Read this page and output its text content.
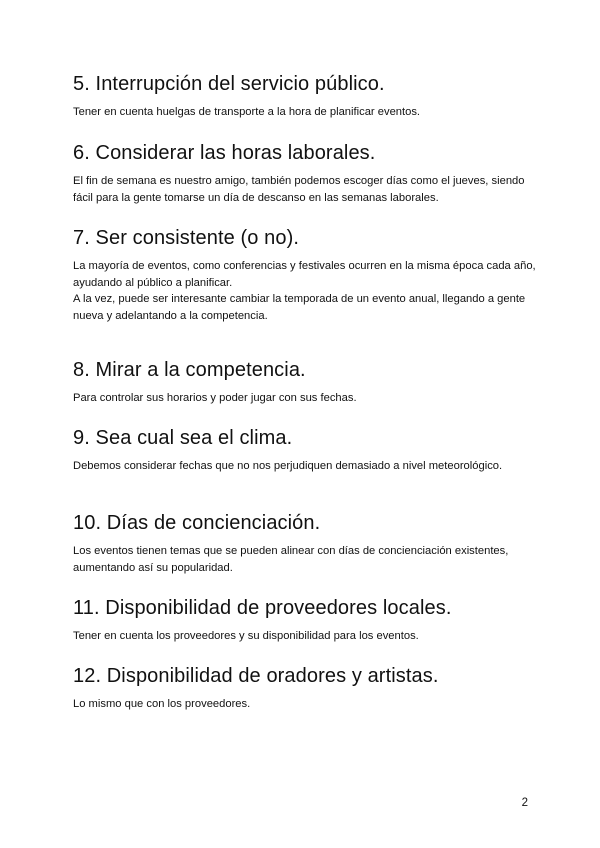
5. Interrupción del servicio público.

Tener en cuenta huelgas de transporte a la hora de planificar eventos.

6. Considerar las horas laborales.

El fin de semana es nuestro amigo, también podemos escoger días como el jueves, siendo fácil para la gente tomarse un día de descanso en las semanas laborales.

7. Ser consistente (o no).

La mayoría de eventos, como conferencias y festivales ocurren en la misma época cada año, ayudando al público a planificar.

A la vez, puede ser interesante cambiar la temporada de un evento anual, llegando a gente nueva y adelantando a la competencia.

8. Mirar a la competencia.

Para controlar sus horarios y poder jugar con sus fechas.

9. Sea cual sea el clima.

Debemos considerar fechas que no nos perjudiquen demasiado a nivel meteorológico.

10. Días de concienciación.

Los eventos tienen temas que se pueden alinear con días de concienciación existentes, aumentando así su popularidad.

11. Disponibilidad de proveedores locales.

Tener en cuenta los proveedores y su disponibilidad para los eventos.

12. Disponibilidad de oradores y artistas.

Lo mismo que con los proveedores.

2
